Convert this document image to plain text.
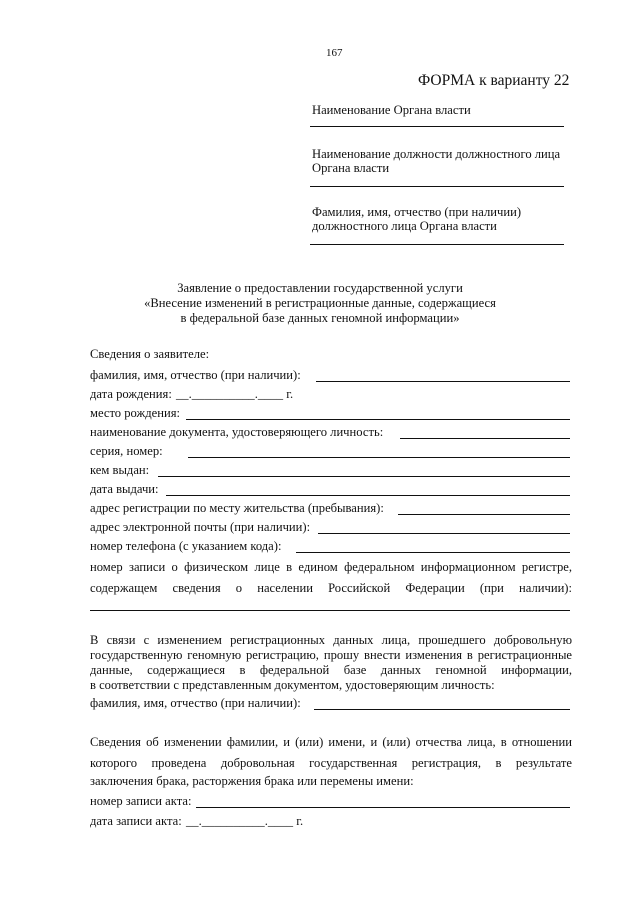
167
ФОРМА к варианту 22
Наименование Органа власти
Наименование должности должностного лица
Органа власти
Фамилия, имя, отчество (при наличии)
должностного лица Органа власти
Заявление о предоставлении государственной услуги
«Внесение изменений в регистрационные данные, содержащиеся
в федеральной базе данных геномной информации»
Сведения о заявителе:
фамилия, имя, отчество (при наличии):
дата рождения: __.__________.____ г.
место рождения:
наименование документа, удостоверяющего личность:
серия, номер:
кем выдан:
дата выдачи:
адрес регистрации по месту жительства (пребывания):
адрес электронной почты (при наличии):
номер телефона (с указанием кода):
номер записи о физическом лице в едином федеральном информационном регистре,
содержащем сведения о населении Российской Федерации (при наличии):
В связи с изменением регистрационных данных лица, прошедшего добровольную
государственную геномную регистрацию, прошу внести изменения в регистрационные
данные, содержащиеся в федеральной базе данных геномной информации,
в соответствии с представленным документом, удостоверяющим личность:
фамилия, имя, отчество (при наличии):
Сведения об изменении фамилии, и (или) имени, и (или) отчества лица, в отношении
которого проведена добровольная государственная регистрация, в результате
заключения брака, расторжения брака или перемены имени:
номер записи акта:
дата записи акта: __.__________.____ г.
